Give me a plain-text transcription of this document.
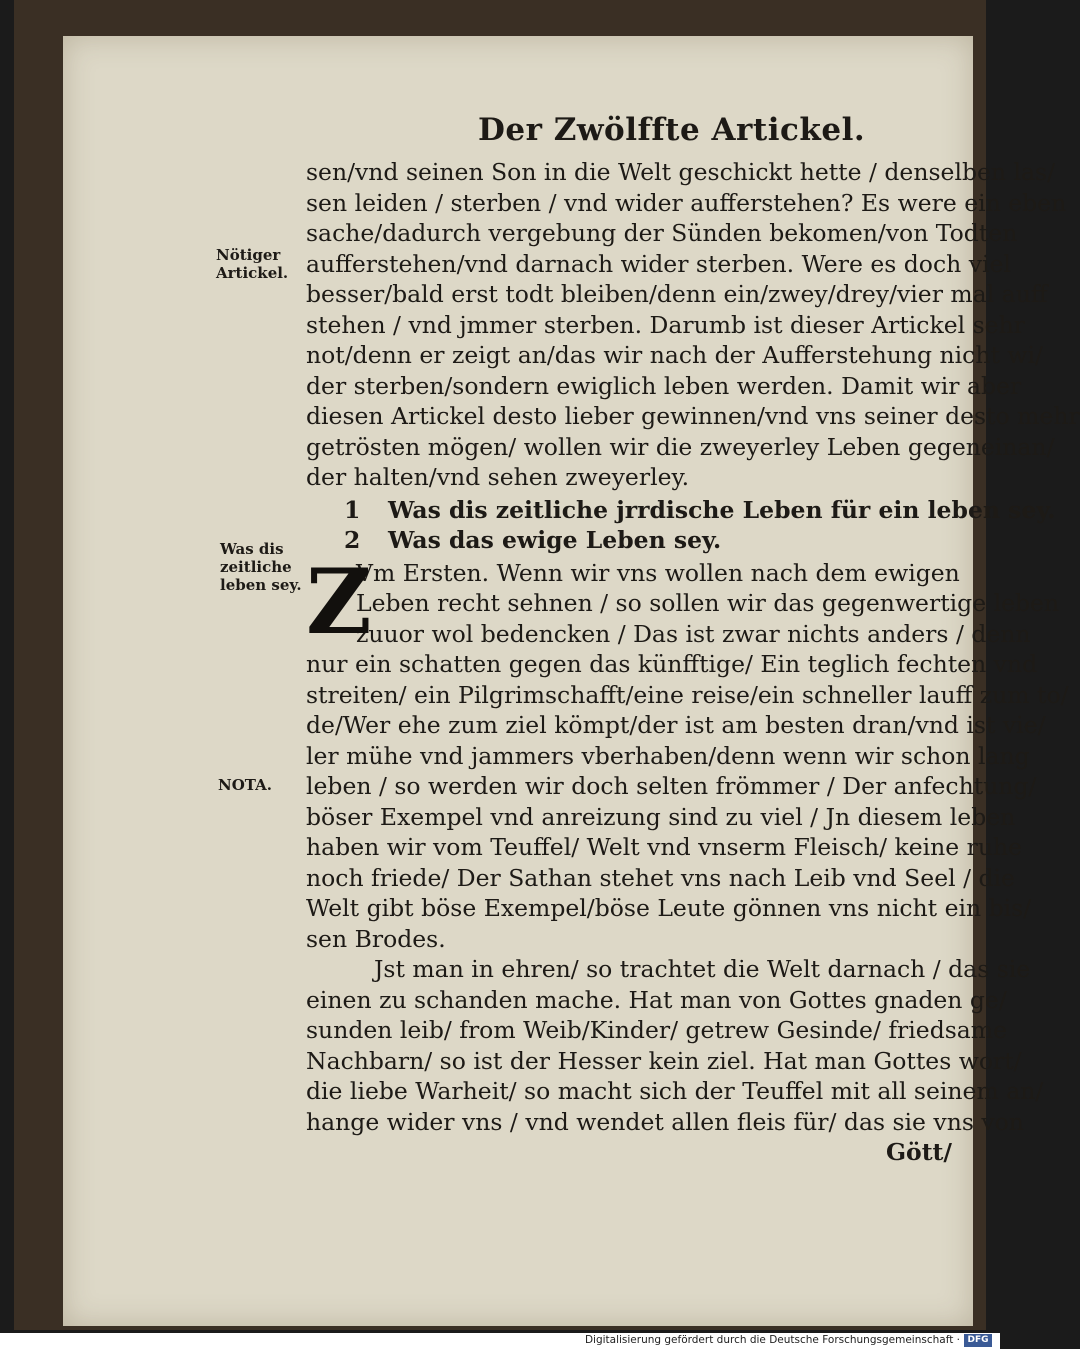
Der Zwölffte Artickel.
sen/vnd seinen Son in die Welt geschickt hette / denselben las/
sen leiden / sterben / vnd wider aufferstehen? Es were ein eben
sache/dadurch vergebung der Sünden bekomen/von Todten
aufferstehen/vnd darnach wider sterben. Were es doch viel
besser/bald erst todt bleiben/denn ein/zwey/drey/vier mal auff
stehen / vnd jmmer sterben. Darumb ist dieser Artickel sehr
not/denn er zeigt an/das wir nach der Aufferstehung nicht wi/
der sterben/sondern ewiglich leben werden. Damit wir aber
diesen Artickel desto lieber gewinnen/vnd vns seiner desto mehr
getrösten mögen/ wollen wir die zweyerley Leben gegeneinan/
der halten/vnd sehen zweyerley.
1 Was dis zeitliche jrrdische Leben für ein leben sey.
2 Was das ewige Leben sey.
Z
Vm Ersten. Wenn wir vns wollen nach dem ewigen
Leben recht sehnen / so sollen wir das gegenwertige leben
zuuor wol bedencken / Das ist zwar nichts anders / denn
nur ein schatten gegen das künfftige/ Ein teglich fechten vnd
streiten/ ein Pilgrimschafft/eine reise/ein schneller lauff zum to/
de/Wer ehe zum ziel kömpt/der ist am besten dran/vnd ist vie/
ler mühe vnd jammers vberhaben/denn wenn wir schon lang
leben / so werden wir doch selten frömmer / Der anfechtung/
böser Exempel vnd anreizung sind zu viel / Jn diesem leben
haben wir vom Teuffel/ Welt vnd vnserm Fleisch/ keine ruhe
noch friede/ Der Sathan stehet vns nach Leib vnd Seel / die
Welt gibt böse Exempel/böse Leute gönnen vns nicht ein bis/
sen Brodes.
Jst man in ehren/ so trachtet die Welt darnach / das sie
einen zu schanden mache. Hat man von Gottes gnaden ge/
sunden leib/ from Weib/Kinder/ getrew Gesinde/ friedsame
Nachbarn/ so ist der Hesser kein ziel. Hat man Gottes wort/
die liebe Warheit/ so macht sich der Teuffel mit all seinem an/
hange wider vns / vnd wendet allen fleis für/ das sie vns von
Gött/
Nötiger Artickel.
Was dis zeitliche leben sey.
NOTA.
Digitalisierung gefördert durch die Deutsche Forschungsgemeinschaft · DFG
